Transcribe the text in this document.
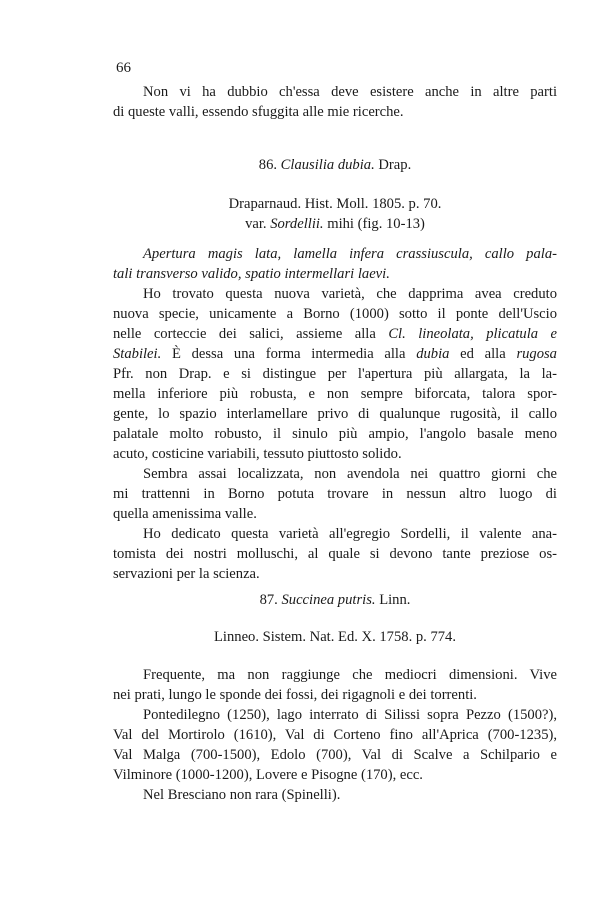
66

Non vi ha dubbio ch'essa deve esistere anche in altre parti

di queste valli, essendo sfuggita alle mie ricerche.

86. Clausilia dubia. Drap.

Draparnaud. Hist. Moll. 1805. p. 70.

var. Sordellii. mihi (fig. 10-13)

Apertura magis lata, lamella infera crassiuscula, callo pala-

tali transverso valido, spatio intermellari laevi.

Ho trovato questa nuova varietà, che dapprima avea creduto

nuova specie, unicamente a Borno (1000) sotto il ponte dell'Uscio

nelle corteccie dei salici, assieme alla Cl. lineolata, plicatula e

Stabilei. È dessa una forma intermedia alla dubia ed alla rugosa

Pfr. non Drap. e si distingue per l'apertura più allargata, la la-

mella inferiore più robusta, e non sempre biforcata, talora spor-

gente, lo spazio interlamellare privo di qualunque rugosità, il callo

palatale molto robusto, il sinulo più ampio, l'angolo basale meno

acuto, costicine variabili, tessuto piuttosto solido.

Sembra assai localizzata, non avendola nei quattro giorni che

mi trattenni in Borno potuta trovare in nessun altro luogo di

quella amenissima valle.

Ho dedicato questa varietà all'egregio Sordelli, il valente ana-

tomista dei nostri molluschi, al quale si devono tante preziose os-

servazioni per la scienza.

87. Succinea putris. Linn.
Linneo. Sistem. Nat. Ed. X. 1758. p. 774.

Frequente, ma non raggiunge che mediocri dimensioni. Vive

nei prati, lungo le sponde dei fossi, dei rigagnoli e dei torrenti.

Pontedilegno (1250), lago interrato di Silissi sopra Pezzo (1500?),

Val del Mortirolo (1610), Val di Corteno fino all'Aprica (700-1235),

Val Malga (700-1500), Edolo (700), Val di Scalve a Schilpario e

Vilminore (1000-1200), Lovere e Pisogne (170), ecc.

Nel Bresciano non rara (Spinelli).
